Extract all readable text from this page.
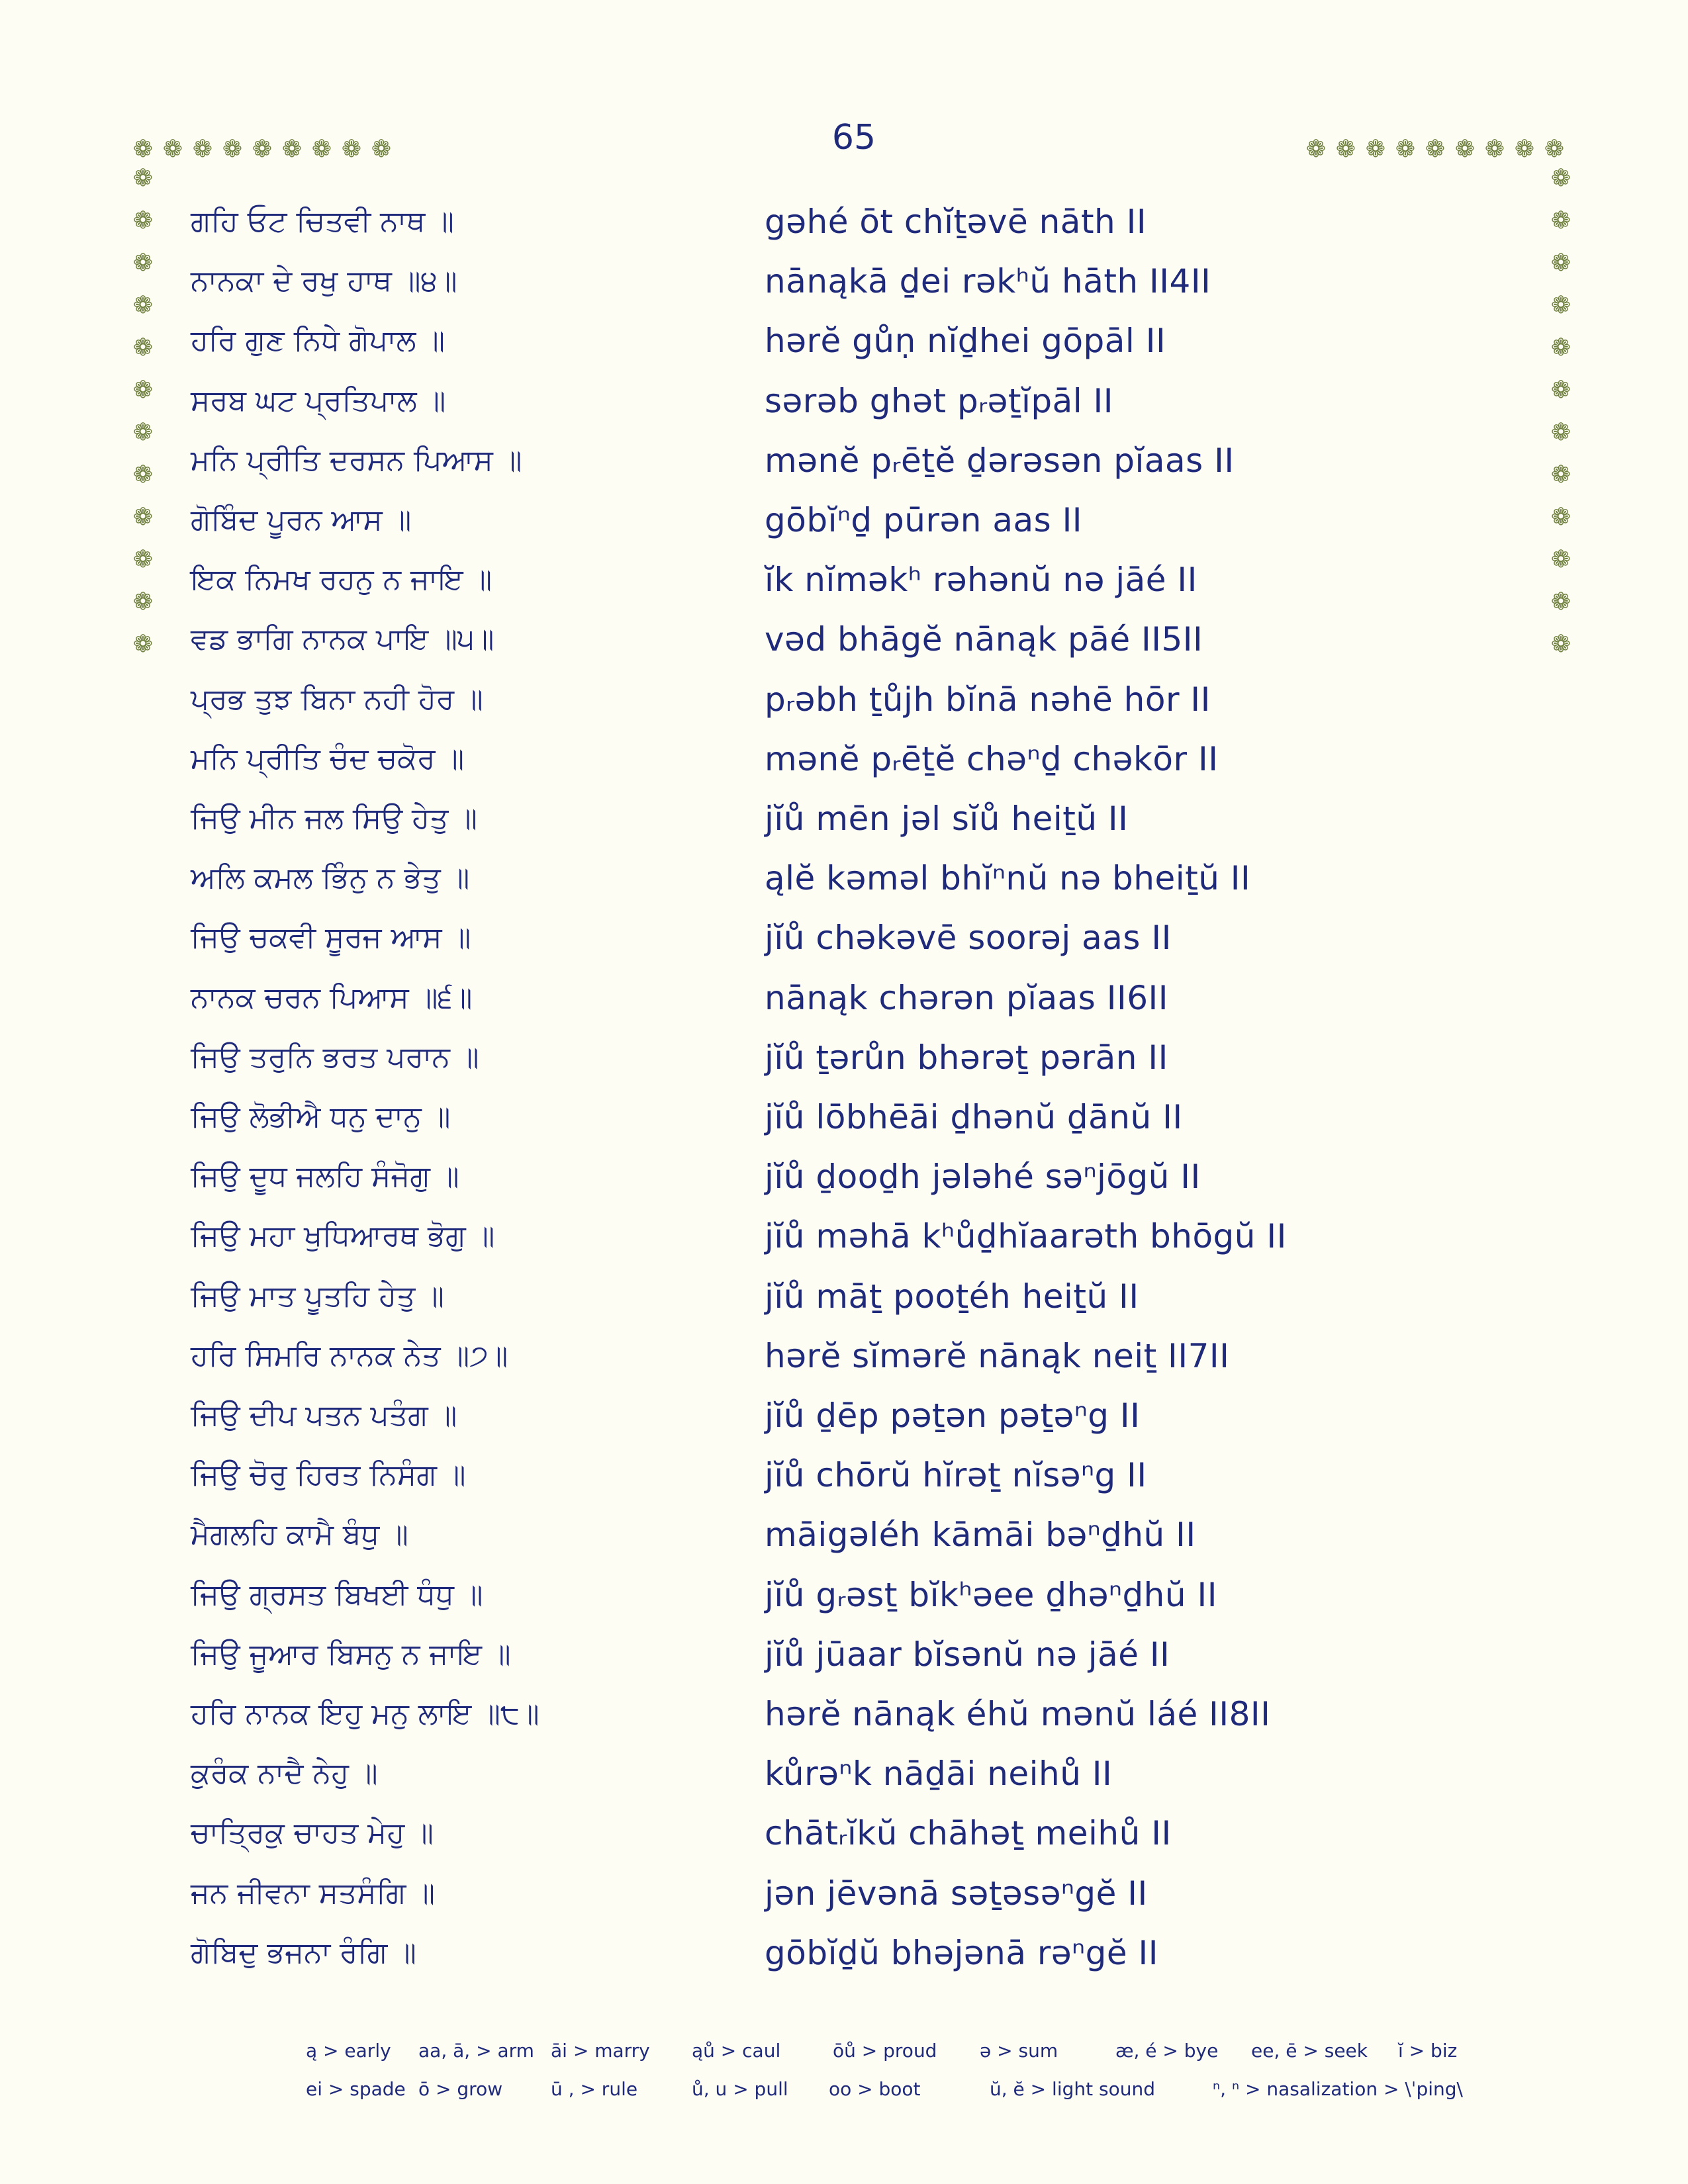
65
❁ ❁ ❁ ❁ ❁ ❁ ❁ ❁ ❁	❁ ❁ ❁ ❁ ❁ ❁ ❁ ❁ ❁
❁
❁
❁
❁
❁
❁
❁
❁
❁
❁
❁
❁
❁
❁
❁
❁
❁
❁
❁
❁
❁
❁
❁
❁
ਗਹਿ ਓਟ ਚਿਤਵੀ ਨਾਥ ॥	gəhé ōt chĭṯəvē nāth II
ਨਾਨਕਾ ਦੇ ਰਖੁ ਹਾਥ ॥੪॥	nānąkā ḏei rəkʰŭ hāth II4II
ਹਰਿ ਗੁਣ ਨਿਧੇ ਗੋਪਾਲ ॥	hərĕ gůṇ nĭḏhei gōpāl II
ਸਰਬ ਘਟ ਪ੍ਰਤਿਪਾਲ ॥	sərəb ghət pᵣəṯĭpāl II
ਮਨਿ ਪ੍ਰੀਤਿ ਦਰਸਨ ਪਿਆਸ ॥	mənĕ pᵣēṯĕ ḏərəsən pĭaas II
ਗੋਬਿੰਦ ਪੂਰਨ ਆਸ ॥	gōbĭⁿḏ pūrən aas II
ਇਕ ਨਿਮਖ ਰਹਨੁ ਨ ਜਾਇ ॥	ĭk nĭməkʰ rəhənŭ nə jāé II
ਵਡ ਭਾਗਿ ਨਾਨਕ ਪਾਇ ॥੫॥	vəd bhāgĕ nānąk pāé II5II
ਪ੍ਰਭ ਤੁਝ ਬਿਨਾ ਨਹੀ ਹੋਰ ॥	pᵣəbh ṯůjh bĭnā nəhē hōr II
ਮਨਿ ਪ੍ਰੀਤਿ ਚੰਦ ਚਕੋਰ ॥	mənĕ pᵣēṯĕ chəⁿḏ chəkōr II
ਜਿਉ ਮੀਨ ਜਲ ਸਿਉ ਹੇਤੁ ॥	jĭů mēn jəl sĭů heiṯŭ II
ਅਲਿ ਕਮਲ ਭਿੰਨੁ ਨ ਭੇਤੁ ॥	ąlĕ kəməl bhĭⁿnŭ nə bheiṯŭ II
ਜਿਉ ਚਕਵੀ ਸੂਰਜ ਆਸ ॥	jĭů chəkəvē soorəj aas II
ਨਾਨਕ ਚਰਨ ਪਿਆਸ ॥੬॥	nānąk chərən pĭaas II6II
ਜਿਉ ਤਰੁਨਿ ਭਰਤ ਪਰਾਨ ॥	jĭů ṯərůn bhərəṯ pərān II
ਜਿਉ ਲੋਭੀਐ ਧਨੁ ਦਾਨੁ ॥	jĭů lōbhēāi ḏhənŭ ḏānŭ II
ਜਿਉ ਦੂਧ ਜਲਹਿ ਸੰਜੋਗੁ ॥	jĭů ḏooḏh jələhé səⁿjōgŭ II
ਜਿਉ ਮਹਾ ਖੁਧਿਆਰਥ ਭੋਗੁ ॥	jĭů məhā kʰůḏhĭaarəth bhōgŭ II
ਜਿਉ ਮਾਤ ਪੂਤਹਿ ਹੇਤੁ ॥	jĭů māṯ pooṯéh heiṯŭ II
ਹਰਿ ਸਿਮਰਿ ਨਾਨਕ ਨੇਤ ॥੭॥	hərĕ sĭmərĕ nānąk neiṯ II7II
ਜਿਉ ਦੀਪ ਪਤਨ ਪਤੰਗ ॥	jĭů ḏēp pəṯən pəṯəⁿg II
ਜਿਉ ਚੋਰੁ ਹਿਰਤ ਨਿਸੰਗ ॥	jĭů chōrŭ hĭrəṯ nĭsəⁿg II
ਮੈਗਲਹਿ ਕਾਮੈ ਬੰਧੁ ॥	māigəléh kāmāi bəⁿḏhŭ II
ਜਿਉ ਗ੍ਰਸਤ ਬਿਖਈ ਧੰਧੁ ॥	jĭů gᵣəsṯ bĭkʰəee ḏhəⁿḏhŭ II
ਜਿਉ ਜੂਆਰ ਬਿਸਨੁ ਨ ਜਾਇ ॥	jĭů jūaar bĭsənŭ nə jāé II
ਹਰਿ ਨਾਨਕ ਇਹੁ ਮਨੁ ਲਾਇ ॥੮॥	hərĕ nānąk éhŭ mənŭ láé II8II
ਕੁਰੰਕ ਨਾਦੈ ਨੇਹੁ ॥	kůrəⁿk nāḏāi neihů II
ਚਾਤ੍ਰਿਕੁ ਚਾਹਤ ਮੇਹੁ ॥	chātᵣĭkŭ chāhəṯ meihů II
ਜਨ ਜੀਵਨਾ ਸਤਸੰਗਿ ॥	jən jēvənā səṯəsəⁿgĕ II
ਗੋਬਿਦੁ ਭਜਨਾ ਰੰਗਿ ॥	gōbĭḏŭ bhəjənā rəⁿgĕ II
ą > early aa, ā, > arm āi > marry ąů > caul	ōů > proud ə > sum	æ, é > bye ee, ē > seek ĭ > biz
ei > spade ō > grow	ū , > rule	ů, u > pull oo > boot	ŭ, ĕ > light sound	ⁿ, ⁿ > nasalization > \ˈping\
